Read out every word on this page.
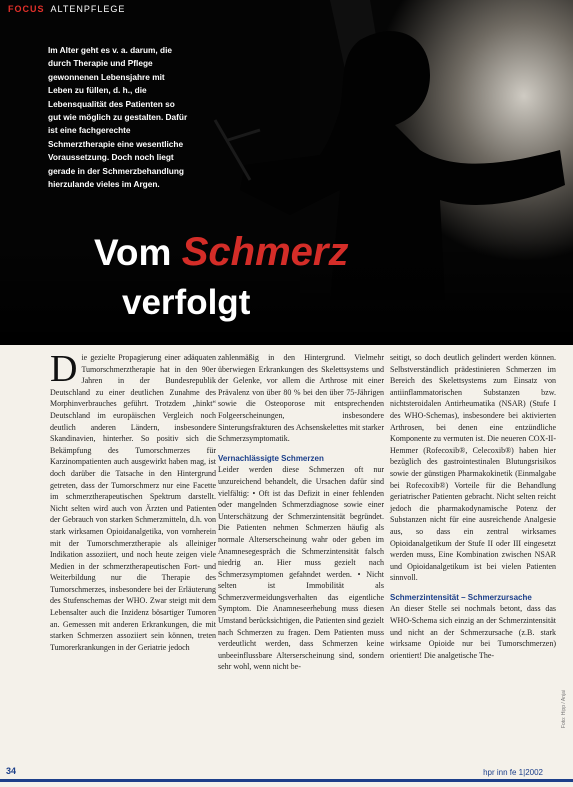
FOCUS ALTENPFLEGE
Im Alter geht es v. a. darum, die durch Therapie und Pflege gewonnenen Lebensjahre mit Leben zu füllen, d. h., die Lebensqualität des Patienten so gut wie möglich zu gestalten. Dafür ist eine fachgerechte Schmerztherapie eine wesentliche Voraussetzung. Doch noch liegt gerade in der Schmerzbehandlung hierzulande vieles im Argen.
Vom Schmerz
verfolgt

Die gezielte Propagierung einer adäquaten Tumorschmerztherapie hat in den 90er Jahren in der Bundesrepublik Deutschland zu einer deutlichen Zunahme des Morphinverbrauches geführt. Trotzdem „hinkt“ Deutschland im europäischen Vergleich noch deutlich anderen Ländern, insbesondere Skandinavien, hinterher. So positiv sich die Bekämpfung des Tumorschmerzes für Karzinompatienten auch ausgewirkt haben mag, ist doch darüber die Tatsache in den Hintergrund getreten, dass der Tumorschmerz nur eine Facette im schmerztherapeutischen Spektrum darstellt. Nicht selten wird auch von Ärzten und Patienten der Gebrauch von starken Schmerzmitteln, d.h. von stark wirksamen Opioidanalgetika, von vornherein mit der Tumorschmerztherapie als alleiniger Indikation assoziiert, und noch heute zeigen viele Medien in der schmerztherapeutischen Fort- und Weiterbildung nur die Therapie des Tumorschmerzes, insbesondere bei der Erläuterung des Stufenschemas der WHO. Zwar steigt mit dem Lebensalter auch die Inzidenz bösartiger Tumoren an. Gemessen mit anderen Erkrankungen, die mit starken Schmerzen assoziiert sein können, treten Tumorerkrankungen in der Geriatrie jedoch

zahlenmäßig in den Hintergrund. Vielmehr überwiegen Erkrankungen des Skelettsystems und der Gelenke, vor allem die Arthrose mit einer Prävalenz von über 80 % bei den über 75-Jährigen sowie die Osteoporose mit entsprechenden Folgeerscheinungen, insbesondere Sinterungsfrakturen des Achsenskelettes mit starker Schmerzsymptomatik.

Vernachlässigte Schmerzen

Leider werden diese Schmerzen oft nur unzureichend behandelt, die Ursachen dafür sind vielfältig: • Oft ist das Defizit in einer fehlenden oder mangelnden Schmerzdiagnose sowie einer Unterschätzung der Schmerzintensität begründet. Die Patienten nehmen Schmerzen häufig als normale Alterserscheinung wahr oder geben im Anamnesegespräch die Schmerzintensität falsch niedrig an. Hier muss gezielt nach Schmerzsymptomen gefahndet werden. • Nicht selten ist Immobilität als Schmerzvermeidungsverhalten das eigentliche Symptom. Die Anamneseerhebung muss diesen Umstand berücksichtigen, die Patienten sind gezielt nach Schmerzen zu fragen. Dem Patienten muss verdeutlicht werden, dass Schmerzen keine unbeeinflussbare Alterserscheinung sind, sondern sehr wohl, wenn nicht be-

seitigt, so doch deutlich gelindert werden können. Selbstverständlich prädestinieren Schmerzen im Bereich des Skelettsystems zum Einsatz von antiinflammatorischen Substanzen bzw. nichtsteroidalen Antirheumatika (NSAR) (Stufe I des WHO-Schemas), insbesondere bei aktivierten Arthrosen, bei denen eine entzündliche Komponente zu vermuten ist. Die neueren COX-II-Hemmer (Rofecoxib®, Celecoxib®) haben hier bezüglich des gastrointestinalen Blutungsrisikos sowie der günstigen Pharmakokinetik (Einmalgabe bei Rofecoxib®) Vorteile für die Behandlung geriatrischer Patienten gebracht. Nicht selten reicht jedoch die pharmakodynamische Potenz der Substanzen nicht für eine ausreichende Analgesie aus, so dass ein zentral wirksames Opioidanalgetikum der Stufe II oder III eingesetzt werden muss, Eine Kombination zwischen NSAR und Opioidanalgetikum ist bei vielen Patienten sinnvoll.

Schmerzintensität – Schmerzursache

An dieser Stelle sei nochmals betont, dass das WHO-Schema sich einzig an der Schmerzintensität und nicht an der Schmerzursache (z.B. stark wirksame Opioide nur bei Tumorschmerzen) orientiert! Die analgetische The-

Foto: Hipp / Anjai
34	hpr inn fe 1|2002
